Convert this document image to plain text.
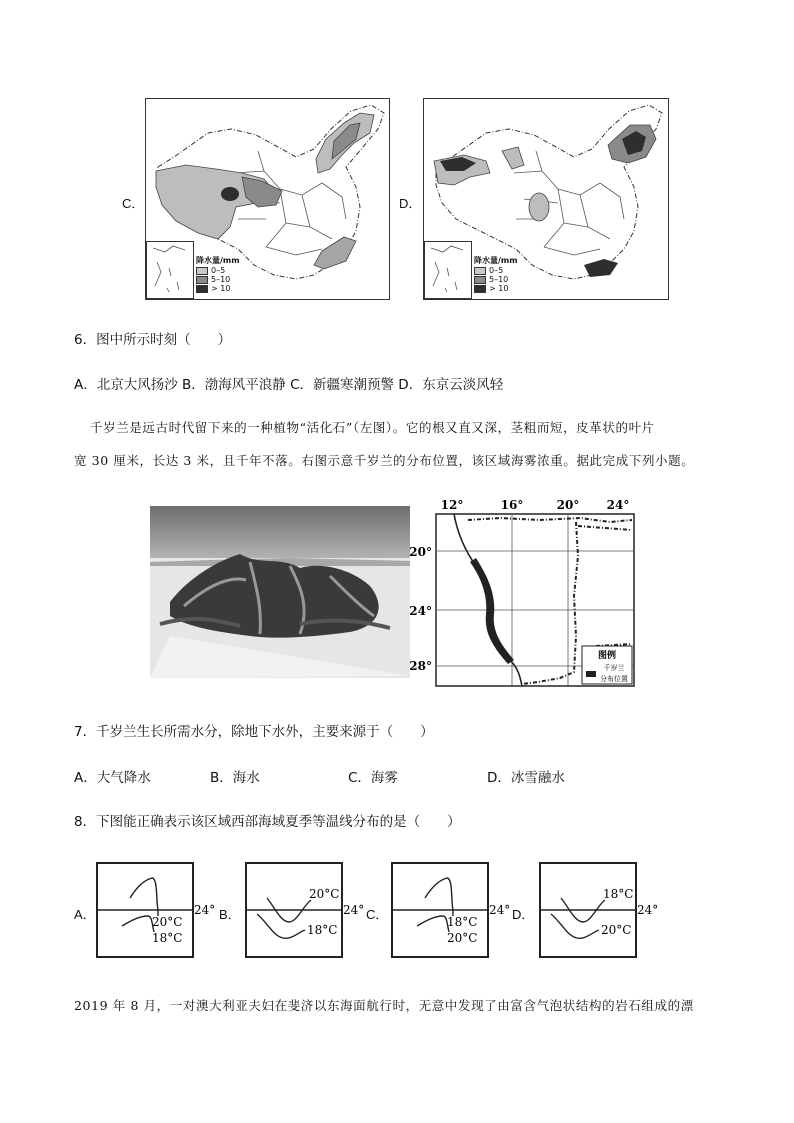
C．
降水量/mm
0–5
5–10
> 10
D．
降水量/mm
0–5
5–10
> 10
6．图中所示时刻（　　）
A．北京大风扬沙 B．渤海风平浪静 C．新疆寒潮预警 D．东京云淡风轻
千岁兰是远古时代留下来的一种植物“活化石”（左图）。它的根又直又深，茎粗而短，皮革状的叶片
宽 30 厘米，长达 3 米，且千年不落。右图示意千岁兰的分布位置，该区域海雾浓重。据此完成下列小题。
12°	16°	20° 24°
20°
24°
28°
图例
千岁兰
分布位置
7．千岁兰生长所需水分，除地下水外，主要来源于（　　）
A．大气降水	B．海水	C．海雾	D．冰雪融水
8．下图能正确表示该区域西部海域夏季等温线分布的是（　　）
A．	20°C
18°C
24° B．
20°C
18°C
24° C．	18°C
20°C
24° D．
18°C
20°C
24°
2019 年 8 月，一对澳大利亚夫妇在斐济以东海面航行时，无意中发现了由富含气泡状结构的岩石组成的漂
